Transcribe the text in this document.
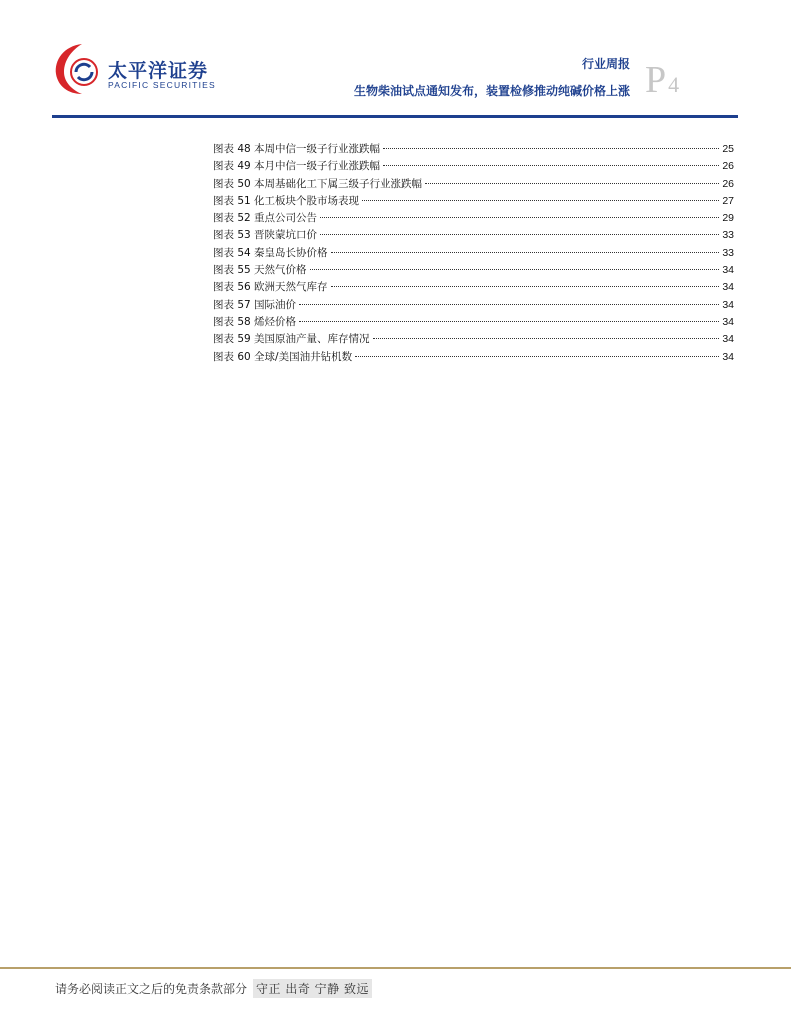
太平洋证券
PACIFIC SECURITIES
行业周报
生物柴油试点通知发布，装置检修推动纯碱价格上涨 P4
图表 48 本周中信一级子行业涨跌幅	25
图表 49 本月中信一级子行业涨跌幅	26
图表 50 本周基础化工下属三级子行业涨跌幅	26
图表 51 化工板块个股市场表现	27
图表 52 重点公司公告	29
图表 53 晋陕蒙坑口价	33
图表 54 秦皇岛长协价格	33
图表 55 天然气价格	34
图表 56 欧洲天然气库存	34
图表 57 国际油价	34
图表 58 烯烃价格	34
图表 59 美国原油产量、库存情况	34
图表 60 全球/美国油井钻机数	34
请务必阅读正文之后的免责条款部分 守正 出奇 宁静 致远
